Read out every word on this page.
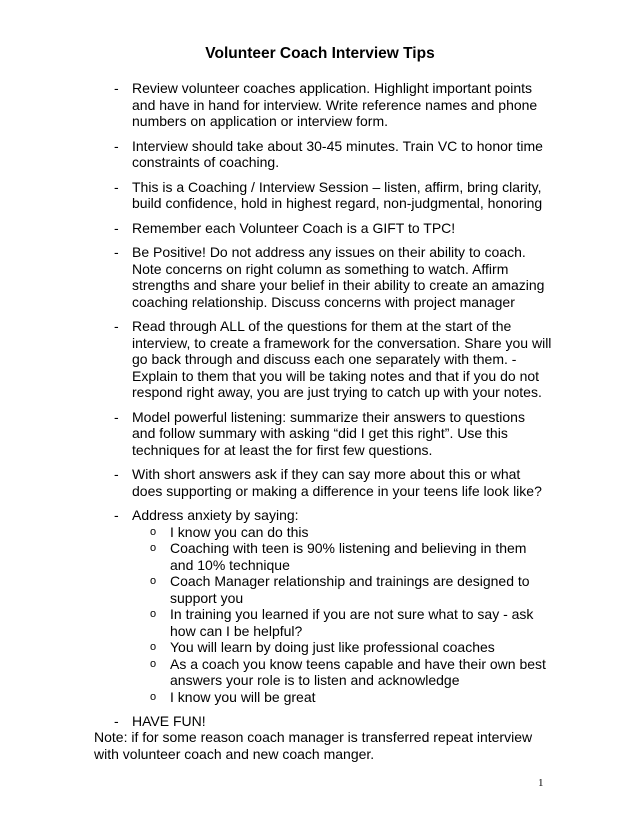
Volunteer Coach Interview Tips
- Review volunteer coaches application. Highlight important points and have in hand for interview. Write reference names and phone numbers on application or interview form.
- Interview should take about 30-45 minutes. Train VC to honor time constraints of coaching.
- This is a Coaching / Interview Session – listen, affirm, bring clarity, build confidence, hold in highest regard, non-judgmental, honoring
- Remember each Volunteer Coach is a GIFT to TPC!
- Be Positive! Do not address any issues on their ability to coach. Note concerns on right column as something to watch. Affirm strengths and share your belief in their ability to create an amazing coaching relationship. Discuss concerns with project manager
- Read through ALL of the questions for them at the start of the interview, to create a framework for the conversation. Share you will go back through and discuss each one separately with them. - Explain to them that you will be taking notes and that if you do not respond right away, you are just trying to catch up with your notes.
- Model powerful listening: summarize their answers to questions and follow summary with asking “did I get this right”. Use this techniques for at least the for first few questions.
- With short answers ask if they can say more about this or what does supporting or making a difference in your teens life look like?
- Address anxiety by saying:
o I know you can do this
o Coaching with teen is 90% listening and believing in them and 10% technique
o Coach Manager relationship and trainings are designed to support you
o In training you learned if you are not sure what to say - ask how can I be helpful?
o You will learn by doing just like professional coaches
o As a coach you know teens capable and have their own best answers your role is to listen and acknowledge
o I know you will be great
- HAVE FUN!
Note: if for some reason coach manager is transferred repeat interview with volunteer coach and new coach manger.
1
